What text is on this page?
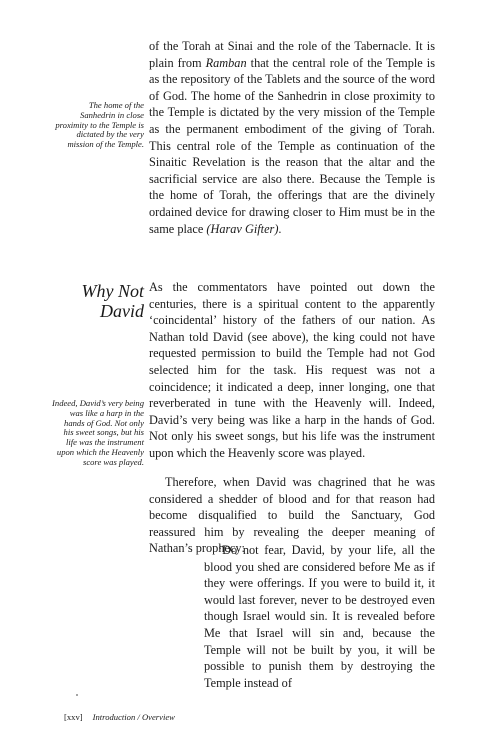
of the Torah at Sinai and the role of the Tabernacle. It is plain from Ramban that the central role of the Temple is as the repository of the Tablets and the source of the word of God. The home of the Sanhedrin in close proximity to the Temple is dictated by the very mission of the Temple as the permanent embodiment of the giving of Torah. This central role of the Temple as continuation of the Sinaitic Revelation is the reason that the altar and the sacrificial service are also there. Because the Temple is the home of Torah, the offerings that are the divinely ordained device for drawing closer to Him must be in the same place (Harav Gifter).

The home of the Sanhedrin in close proximity to the Temple is dictated by the very mission of the Temple.

Why Not David

As the commentators have pointed out down the centuries, there is a spiritual content to the apparently ‘coincidental’ history of the fathers of our nation. As Nathan told David (see above), the king could not have requested permission to build the Temple had not God selected him for the task. His request was not a coincidence; it indicated a deep, inner longing, one that reverberated in tune with the Heavenly will. Indeed, David’s very being was like a harp in the hands of God. Not only his sweet songs, but his life was the instrument upon which the Heavenly score was played.

Indeed, David’s very being was like a harp in the hands of God. Not only his sweet songs, but his life was the instrument upon which the Heavenly score was played.

Therefore, when David was chagrined that he was considered a shedder of blood and for that reason had become disqualified to build the Sanctuary, God reassured him by revealing the deeper meaning of Nathan’s prophecy:

‘Do not fear, David, by your life, all the blood you shed are considered before Me as if they were offerings. If you were to build it, it would last forever, never to be destroyed even though Israel would sin. It is revealed before Me that Israel will sin and, because the Temple will not be built by you, it will be possible to punish them by destroying the Temple instead of

[xxv] Introduction / Overview
